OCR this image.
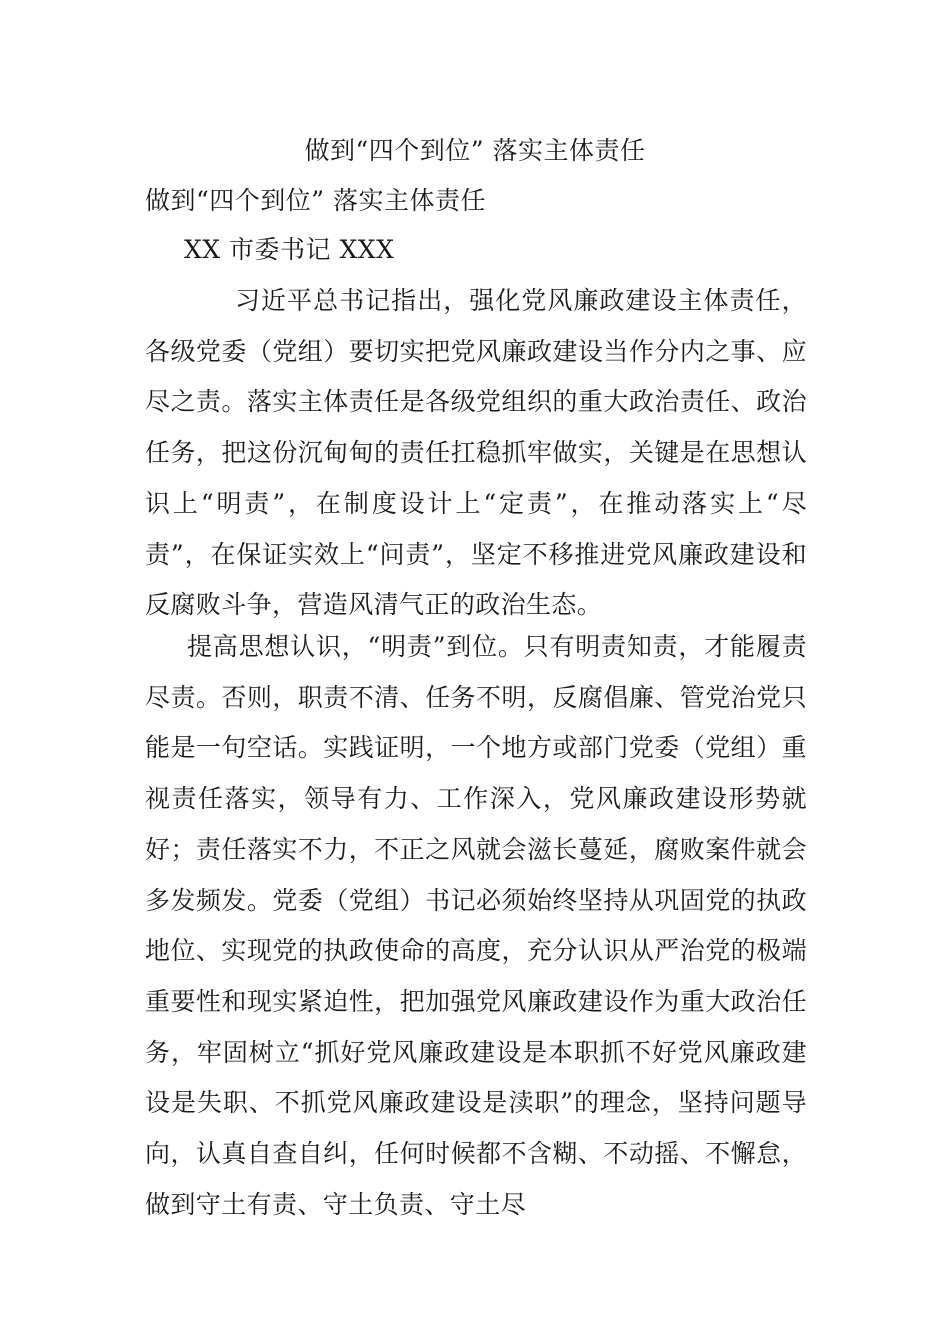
做到“四个到位” 落实主体责任
做到“四个到位” 落实主体责任
XX 市委书记 XXX
习近平总书记指出，强化党风廉政建设主体责任，各级党委（党组）要切实把党风廉政建设当作分内之事、应尽之责。落实主体责任是各级党组织的重大政治责任、政治任务，把这份沉甸甸的责任扛稳抓牢做实，关键是在思想认识上“明责”，在制度设计上“定责”，在推动落实上“尽责”，在保证实效上“问责”，坚定不移推进党风廉政建设和反腐败斗争，营造风清气正的政治生态。
提高思想认识，“明责”到位。只有明责知责，才能履责尽责。否则，职责不清、任务不明，反腐倡廉、管党治党只能是一句空话。实践证明，一个地方或部门党委（党组）重视责任落实，领导有力、工作深入，党风廉政建设形势就好；责任落实不力，不正之风就会滋长蔓延，腐败案件就会多发频发。党委（党组）书记必须始终坚持从巩固党的执政地位、实现党的执政使命的高度，充分认识从严治党的极端重要性和现实紧迫性，把加强党风廉政建设作为重大政治任务，牢固树立“抓好党风廉政建设是本职抓不好党风廉政建设是失职、不抓党风廉政建设是渎职”的理念，坚持问题导向，认真自查自纠，任何时候都不含糊、不动摇、不懈怠，做到守土有责、守土负责、守土尽
